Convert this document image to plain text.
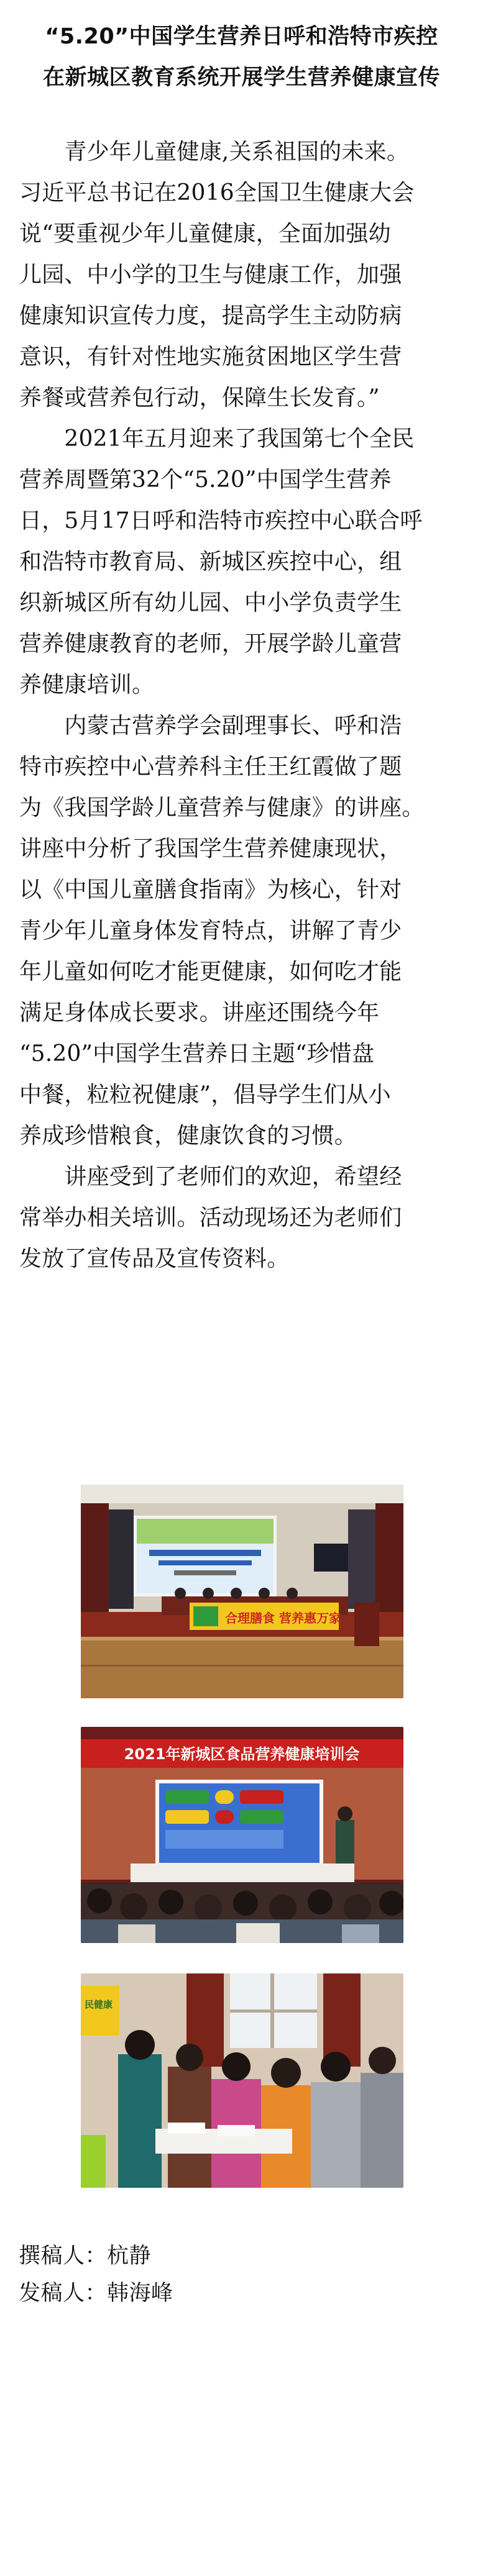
“5.20”中国学生营养日呼和浩特市疾控
在新城区教育系统开展学生营养健康宣传

　　青少年儿童健康,关系祖国的未来。
习近平总书记在2016全国卫生健康大会
说“要重视少年儿童健康，全面加强幼
儿园、中小学的卫生与健康工作，加强
健康知识宣传力度，提高学生主动防病
意识，有针对性地实施贫困地区学生营
养餐或营养包行动，保障生长发育。”

　　2021年五月迎来了我国第七个全民
营养周暨第32个“5.20”中国学生营养
日，5月17日呼和浩特市疾控中心联合呼
和浩特市教育局、新城区疾控中心，组
织新城区所有幼儿园、中小学负责学生
营养健康教育的老师，开展学龄儿童营
养健康培训。

　　内蒙古营养学会副理事长、呼和浩
特市疾控中心营养科主任王红霞做了题
为《我国学龄儿童营养与健康》的讲座。
讲座中分析了我国学生营养健康现状，
以《中国儿童膳食指南》为核心，针对
青少年儿童身体发育特点，讲解了青少
年儿童如何吃才能更健康，如何吃才能
满足身体成长要求。讲座还围绕今年
“5.20”中国学生营养日主题“珍惜盘
中餐，粒粒祝健康”，倡导学生们从小
养成珍惜粮食，健康饮食的习惯。

　　讲座受到了老师们的欢迎，希望经
常举办相关培训。活动现场还为老师们
发放了宣传品及宣传资料。

合理膳食 营养惠万家
2021年新城区食品营养健康培训会
民健康
撰稿人：杭静
发稿人：韩海峰
